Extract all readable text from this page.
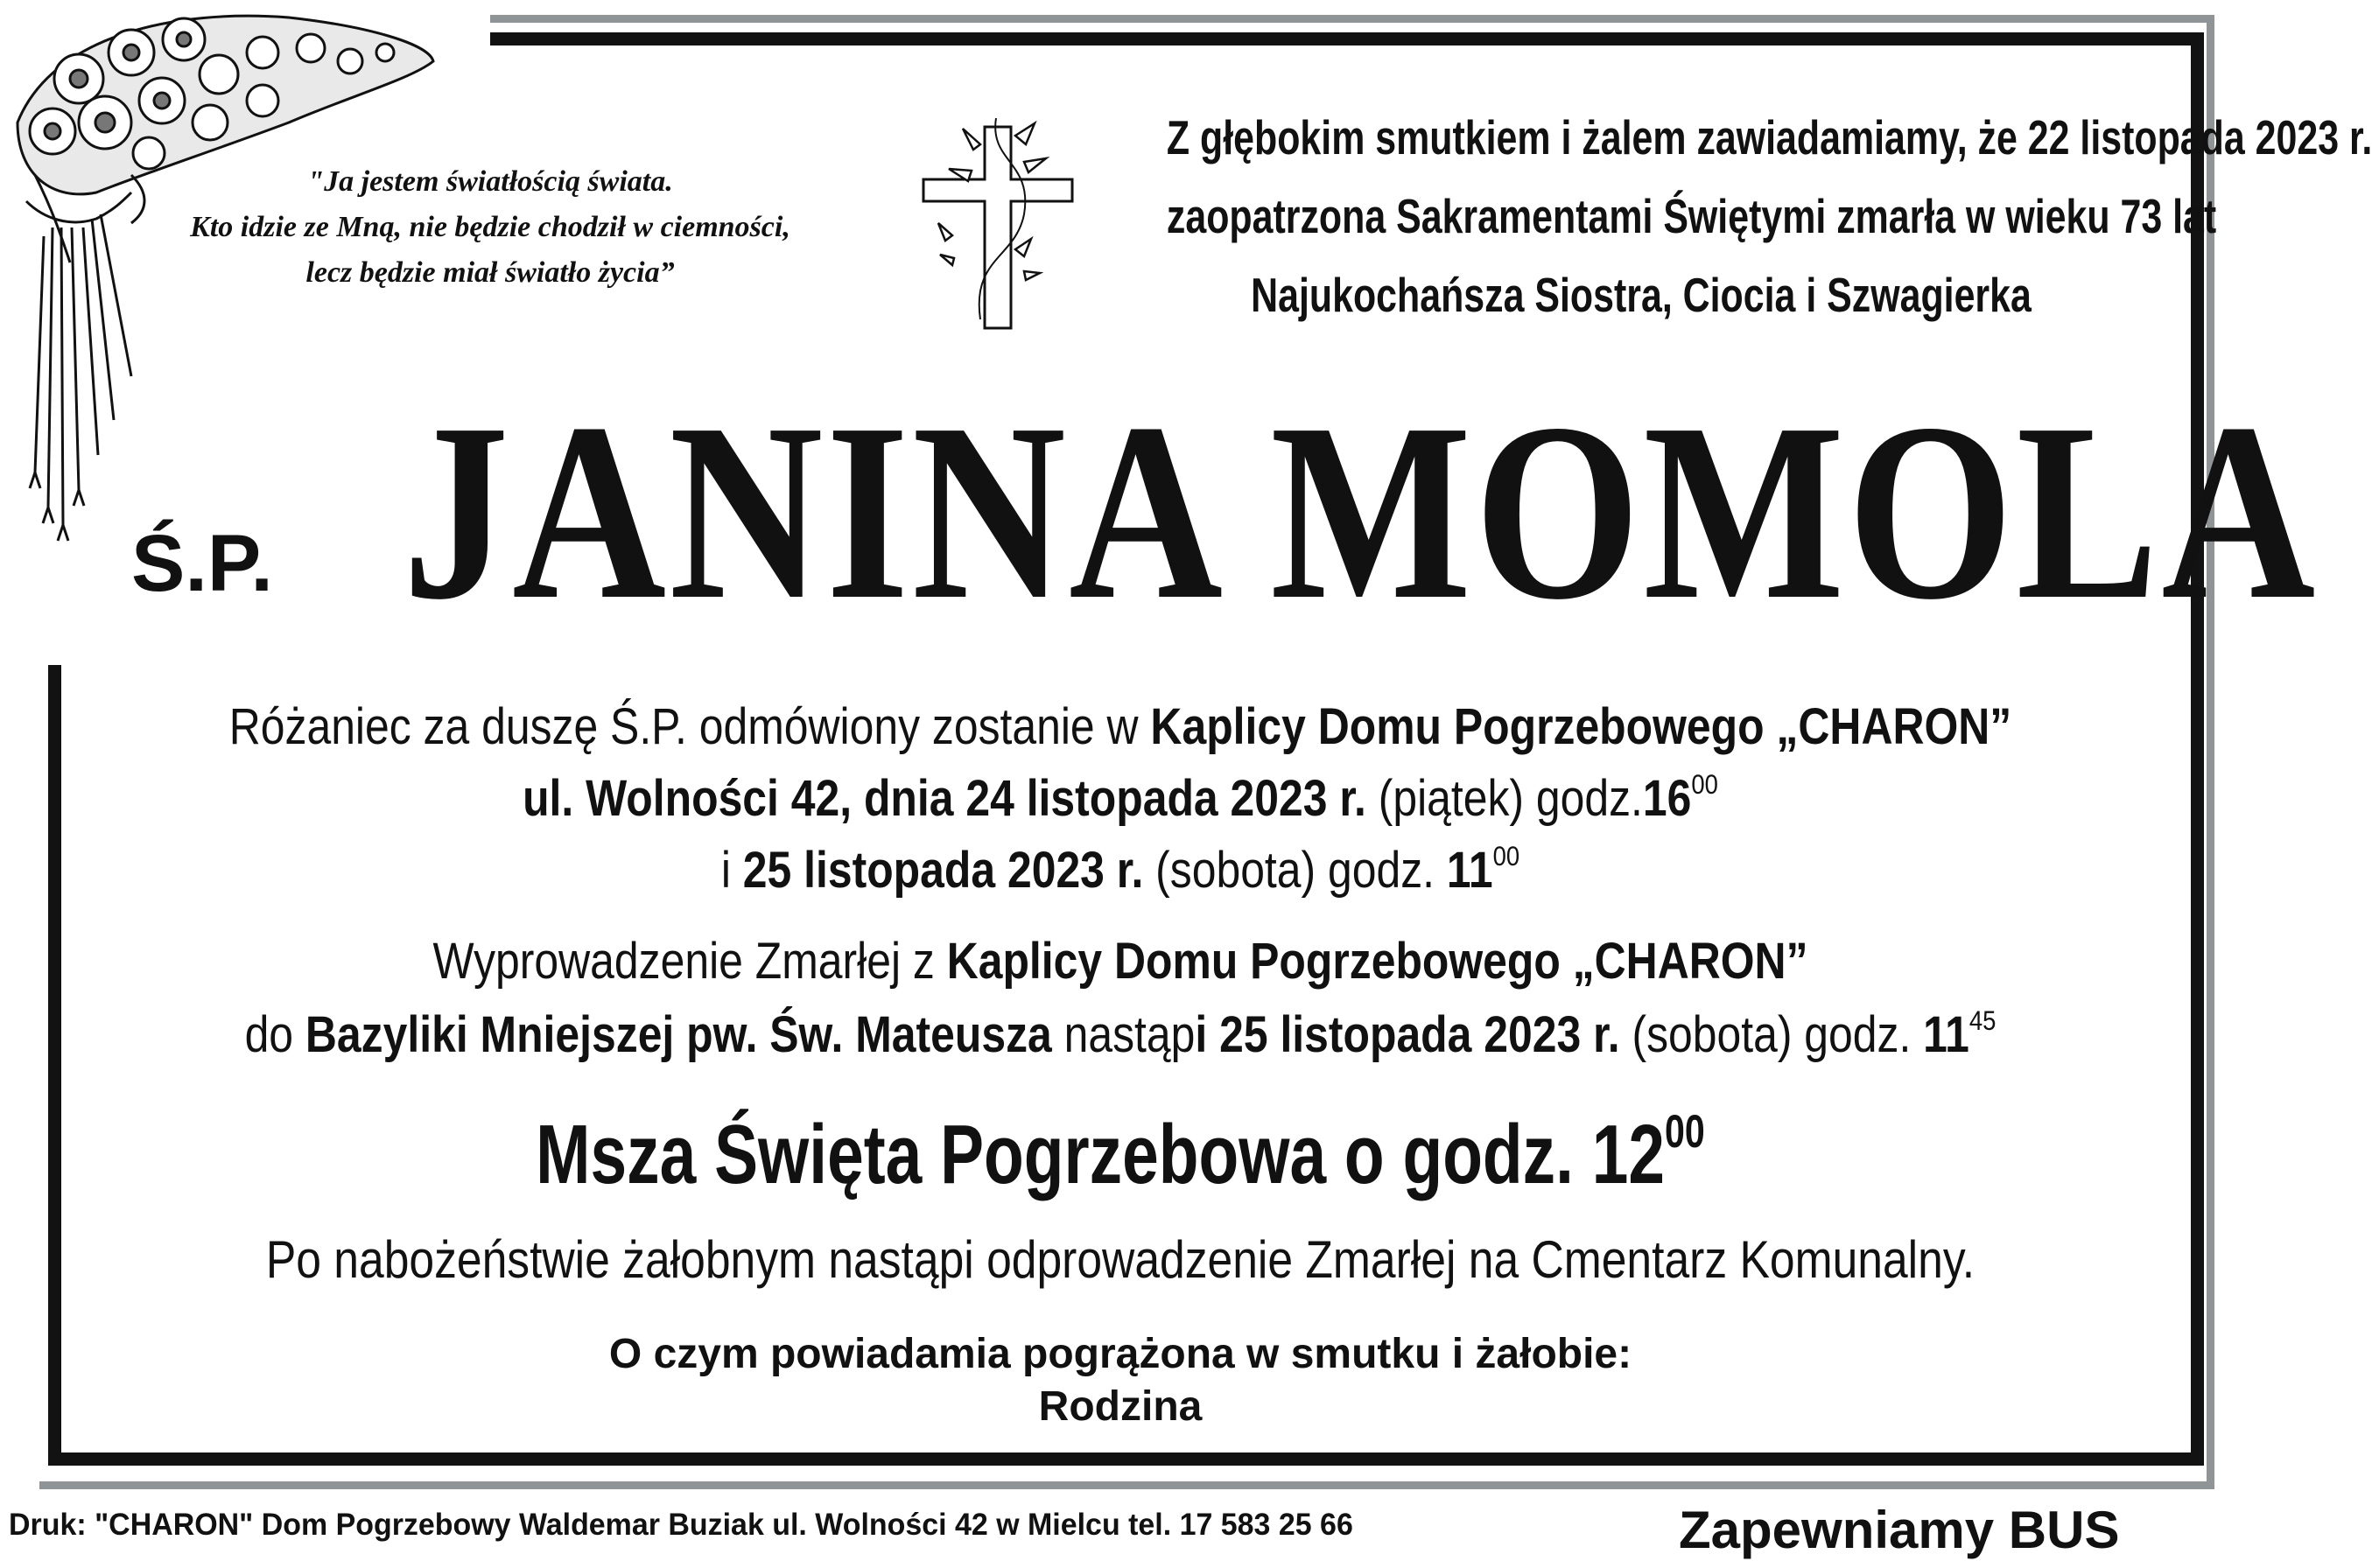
"Ja jestem światłością świata.
Kto idzie ze Mną, nie będzie chodził w ciemności,
lecz będzie miał światło życia”
Z głębokim smutkiem i żalem zawiadamiamy, że 22 listopada 2023 r.
zaopatrzona Sakramentami Świętymi zmarła w wieku 73 lat
Najukochańsza Siostra, Ciocia i Szwagierka
Ś.P. JANINA MOMOLA
Różaniec za duszę Ś.P. odmówiony zostanie w Kaplicy Domu Pogrzebowego „CHARON”
ul. Wolności 42, dnia 24 listopada 2023 r. (piątek) $godz.16^{00}$
i 25 listopada 2023 r. (sobota) godz. $11^{00}$
Wyprowadzenie Zmarłej z Kaplicy Domu Pogrzebowego „CHARON”
do Bazyliki Mniejszej pw. Św. Mateusza nastąpi 25 listopada 2023 r. (sobota) godz. $11^{45}$
Msza Święta Pogrzebowa o godz. $12^{00}$
Po nabożeństwie żałobnym nastąpi odprowadzenie Zmarłej na Cmentarz Komunalny.
O czym powiadamia pogrążona w smutku i żałobie:
Rodzina
Druk: "CHARON" Dom Pogrzebowy Waldemar Buziak ul. Wolności 42 w Mielcu tel. 17 583 25 66	Zapewniamy BUS
